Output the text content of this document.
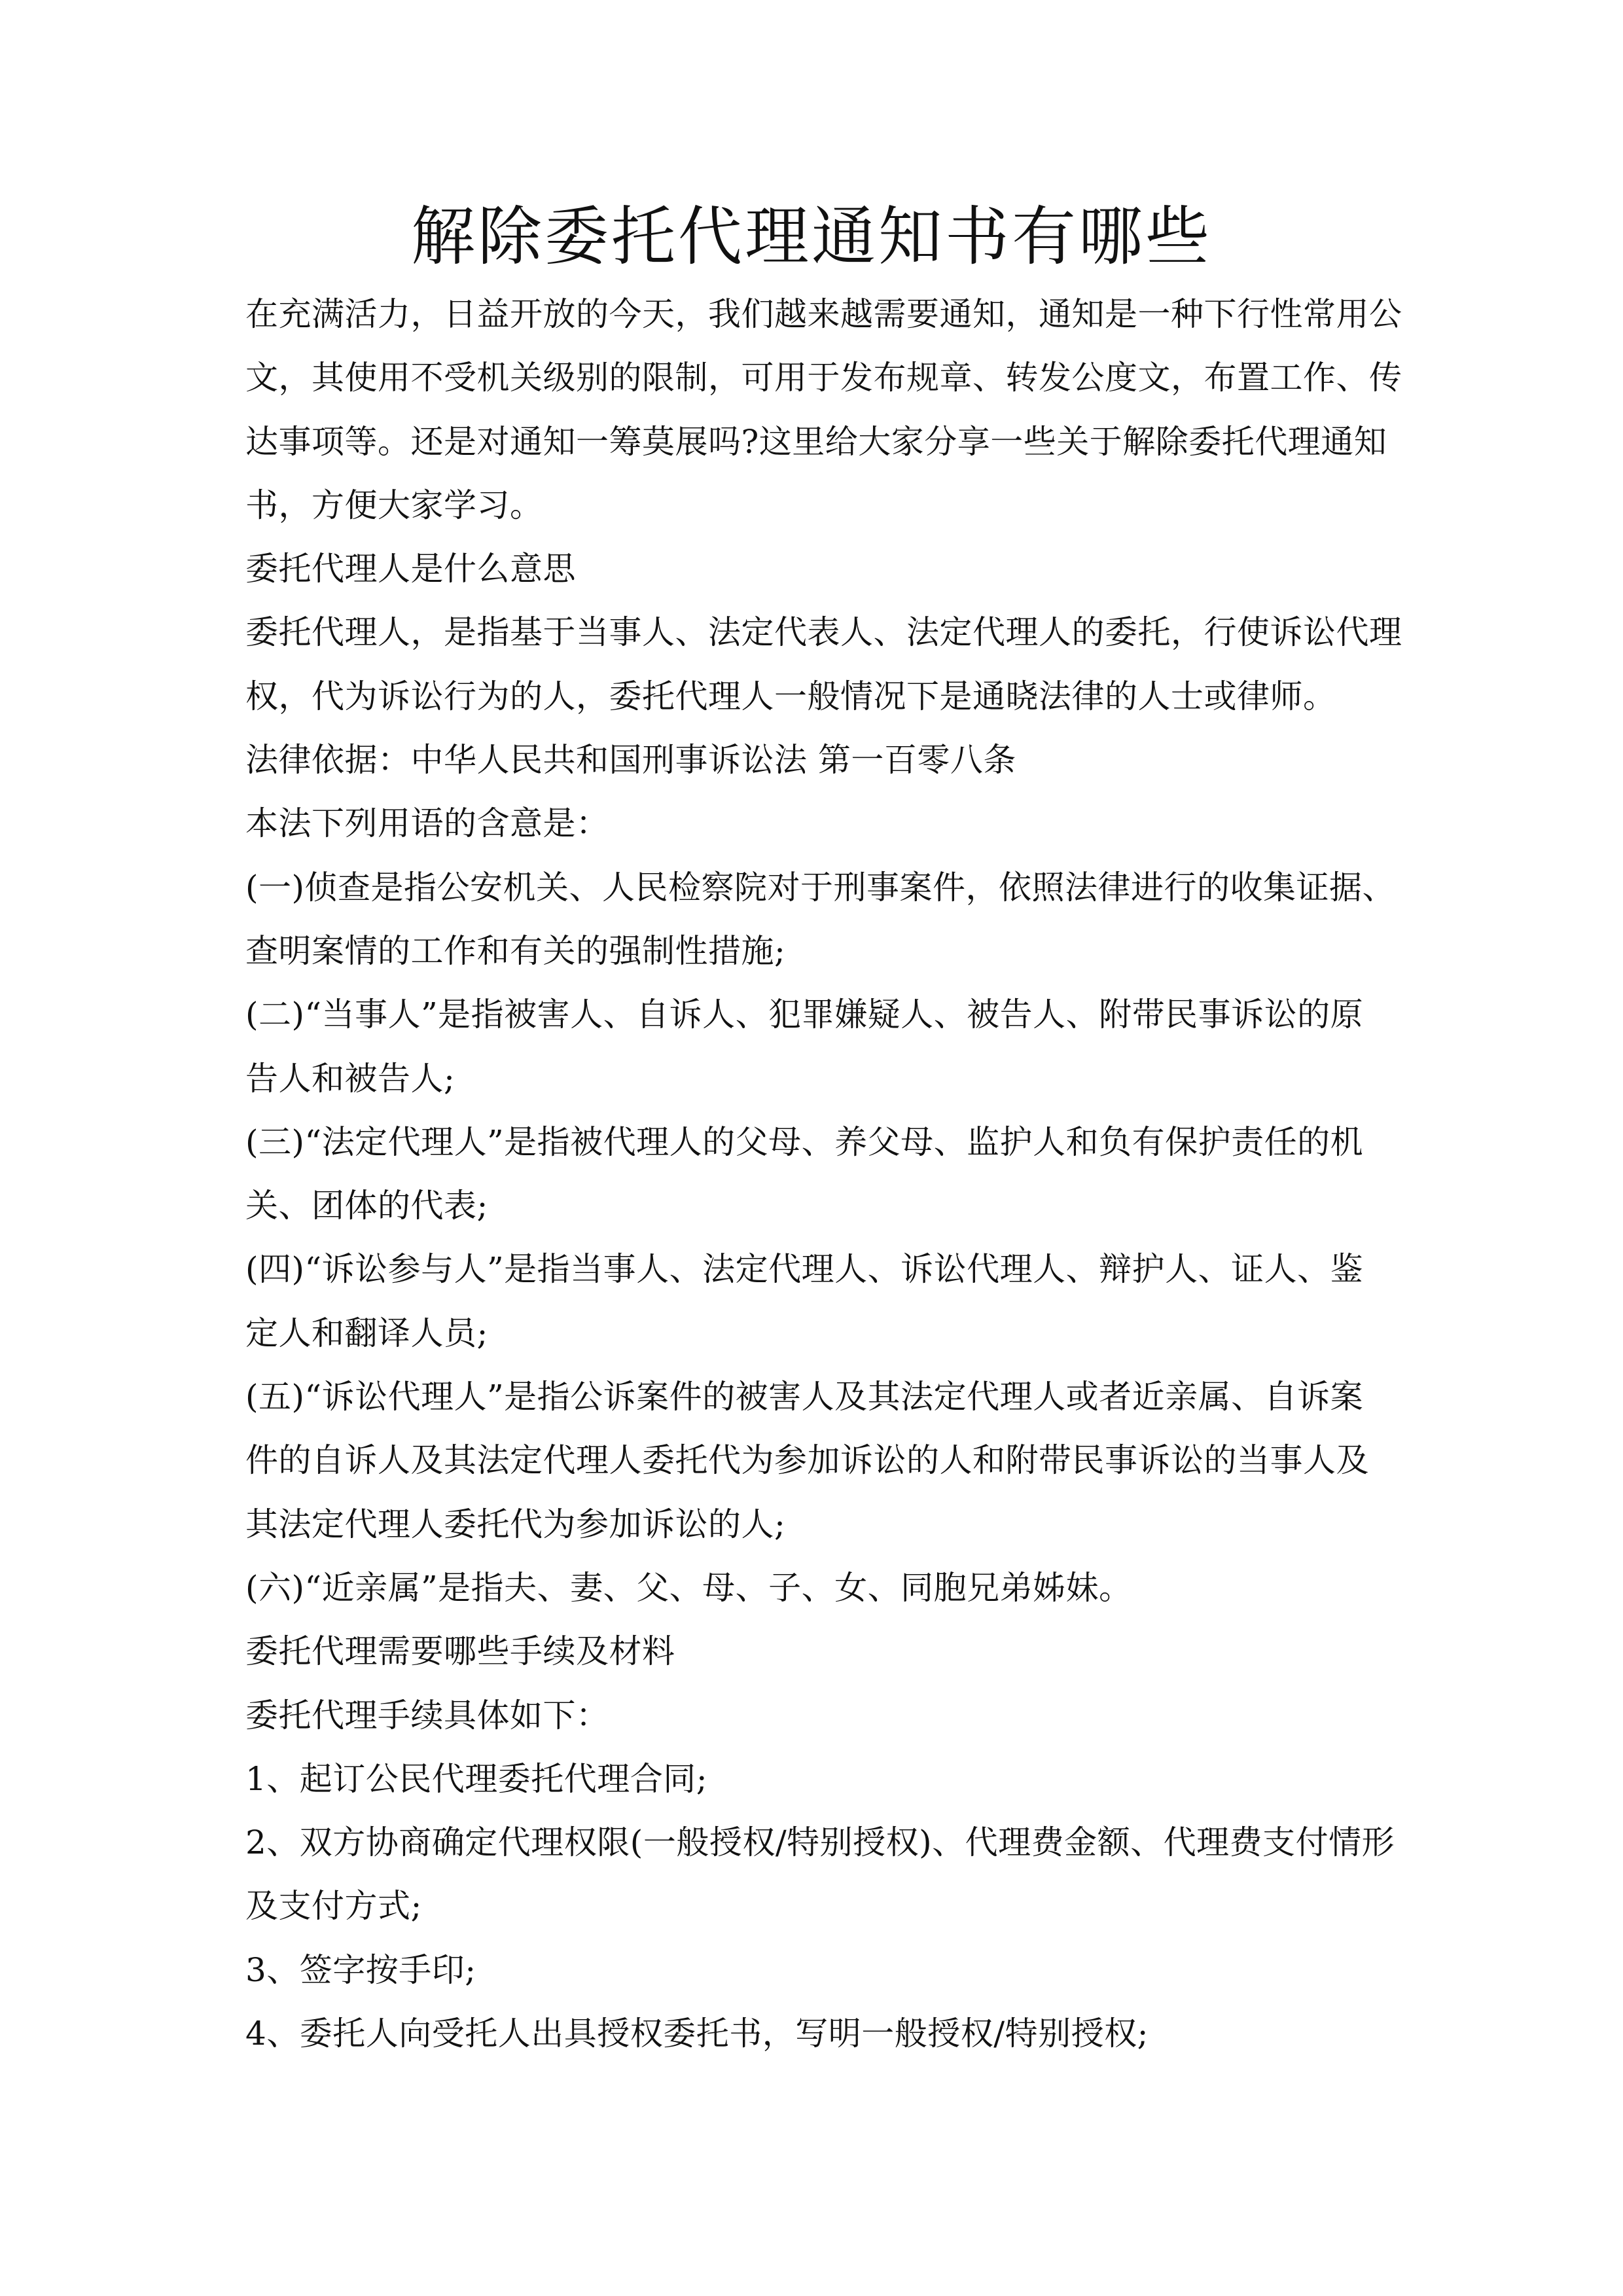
解除委托代理通知书有哪些
在充满活力，日益开放的今天，我们越来越需要通知，通知是一种下行性常用公
文，其使用不受机关级别的限制，可用于发布规章、转发公度文，布置工作、传
达事项等。还是对通知一筹莫展吗?这里给大家分享一些关于解除委托代理通知
书，方便大家学习。
委托代理人是什么意思
委托代理人，是指基于当事人、法定代表人、法定代理人的委托，行使诉讼代理
权，代为诉讼行为的人，委托代理人一般情况下是通晓法律的人士或律师。
法律依据：中华人民共和国刑事诉讼法 第一百零八条
本法下列用语的含意是：
(一)侦查是指公安机关、人民检察院对于刑事案件，依照法律进行的收集证据、
查明案情的工作和有关的强制性措施;
(二)“当事人”是指被害人、自诉人、犯罪嫌疑人、被告人、附带民事诉讼的原
告人和被告人;
(三)“法定代理人”是指被代理人的父母、养父母、监护人和负有保护责任的机
关、团体的代表;
(四)“诉讼参与人”是指当事人、法定代理人、诉讼代理人、辩护人、证人、鉴
定人和翻译人员;
(五)“诉讼代理人”是指公诉案件的被害人及其法定代理人或者近亲属、自诉案
件的自诉人及其法定代理人委托代为参加诉讼的人和附带民事诉讼的当事人及
其法定代理人委托代为参加诉讼的人;
(六)“近亲属”是指夫、妻、父、母、子、女、同胞兄弟姊妹。
委托代理需要哪些手续及材料
委托代理手续具体如下：
1、起订公民代理委托代理合同;
2、双方协商确定代理权限(一般授权/特别授权)、代理费金额、代理费支付情形
及支付方式;
3、签字按手印;
4、委托人向受托人出具授权委托书，写明一般授权/特别授权;
